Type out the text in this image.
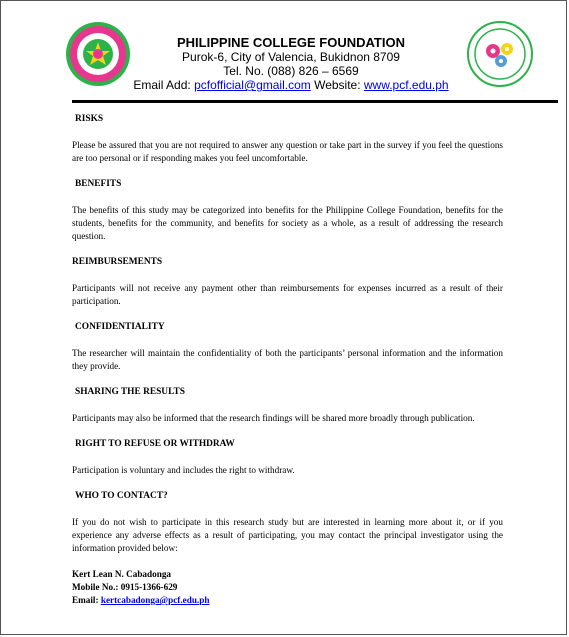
PHILIPPINE COLLEGE FOUNDATION
Purok-6, City of Valencia, Bukidnon 8709
Tel. No. (088) 826 – 6569
Email Add: pcfofficial@gmail.com Website: www.pcf.edu.ph
RISKS
Please be assured that you are not required to answer any question or take part in the survey if you feel the questions are too personal or if responding makes you feel uncomfortable.
BENEFITS
The benefits of this study may be categorized into benefits for the Philippine College Foundation, benefits for the students, benefits for the community, and benefits for society as a whole, as a result of addressing the research question.
REIMBURSEMENTS
Participants will not receive any payment other than reimbursements for expenses incurred as a result of their participation.
CONFIDENTIALITY
The researcher will maintain the confidentiality of both the participants’ personal information and the information they provide.
SHARING THE RESULTS
Participants may also be informed that the research findings will be shared more broadly through publication.
RIGHT TO REFUSE OR WITHDRAW
Participation is voluntary and includes the right to withdraw.
WHO TO CONTACT?
If you do not wish to participate in this research study but are interested in learning more about it, or if you experience any adverse effects as a result of participating, you may contact the principal investigator using the information provided below:
Kert Lean N. Cabadonga
Mobile No.: 0915-1366-629
Email: kertcabadonga@pcf.edu.ph
